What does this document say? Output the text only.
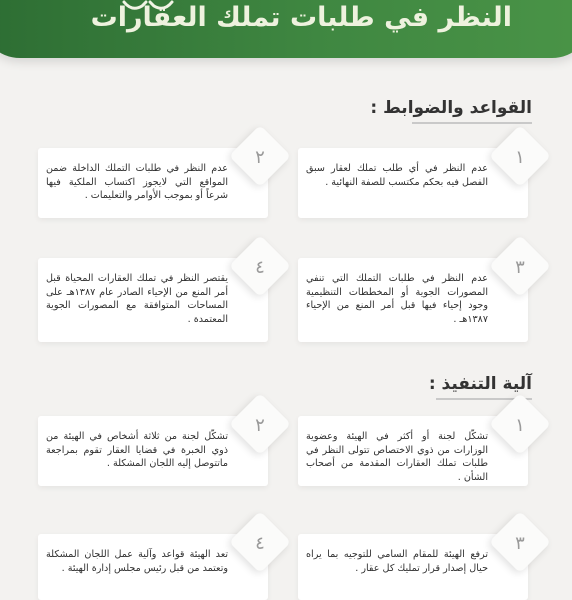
النظر في طلبات تملك العقارات
القواعد والضوابط :
١
عدم النظر في أي طلب تملك لعقار سبق الفصل فيه بحكم مكتسب للصفة النهائية .
٢
عدم النظر في طلبات التملك الداخلة ضمن المواقع التي لايجوز اكتساب الملكية فيها شرعاً أو بموجب الأوامر والتعليمات .
٣
عدم النظر في طلبات التملك التي تنفي المصورات الجوية أو المخططات التنظيمية وجود إحياء فيها قبل أمر المنع من الإحياء ١٣٨٧هـ .
٤
يقتصر النظر في تملك العقارات المحياة قبل أمر المنع من الإحياء الصادر عام ١٣٨٧هـ على المساحات المتوافقة مع المصورات الجوية المعتمدة .
آلية التنفيذ :
١
تشكّل لجنة أو أكثر في الهيئة وعضوية الوزارات من ذوي الاختصاص تتولى النظر في طلبات تملك العقارات المقدمة من أصحاب الشأن .
٢
تشكّل لجنة من ثلاثة أشخاص في الهيئة من ذوي الخبرة في قضايا العقار تقوم بمراجعة ماتتوصل إليه اللجان المشكلة .
٣
ترفع الهيئة للمقام السامي للتوجيه بما يراه حيال إصدار قرار تمليك كل عقار .
٤
تعد الهيئة قواعد وآلية عمل اللجان المشكلة وتعتمد من قبل رئيس مجلس إدارة الهيئة .
